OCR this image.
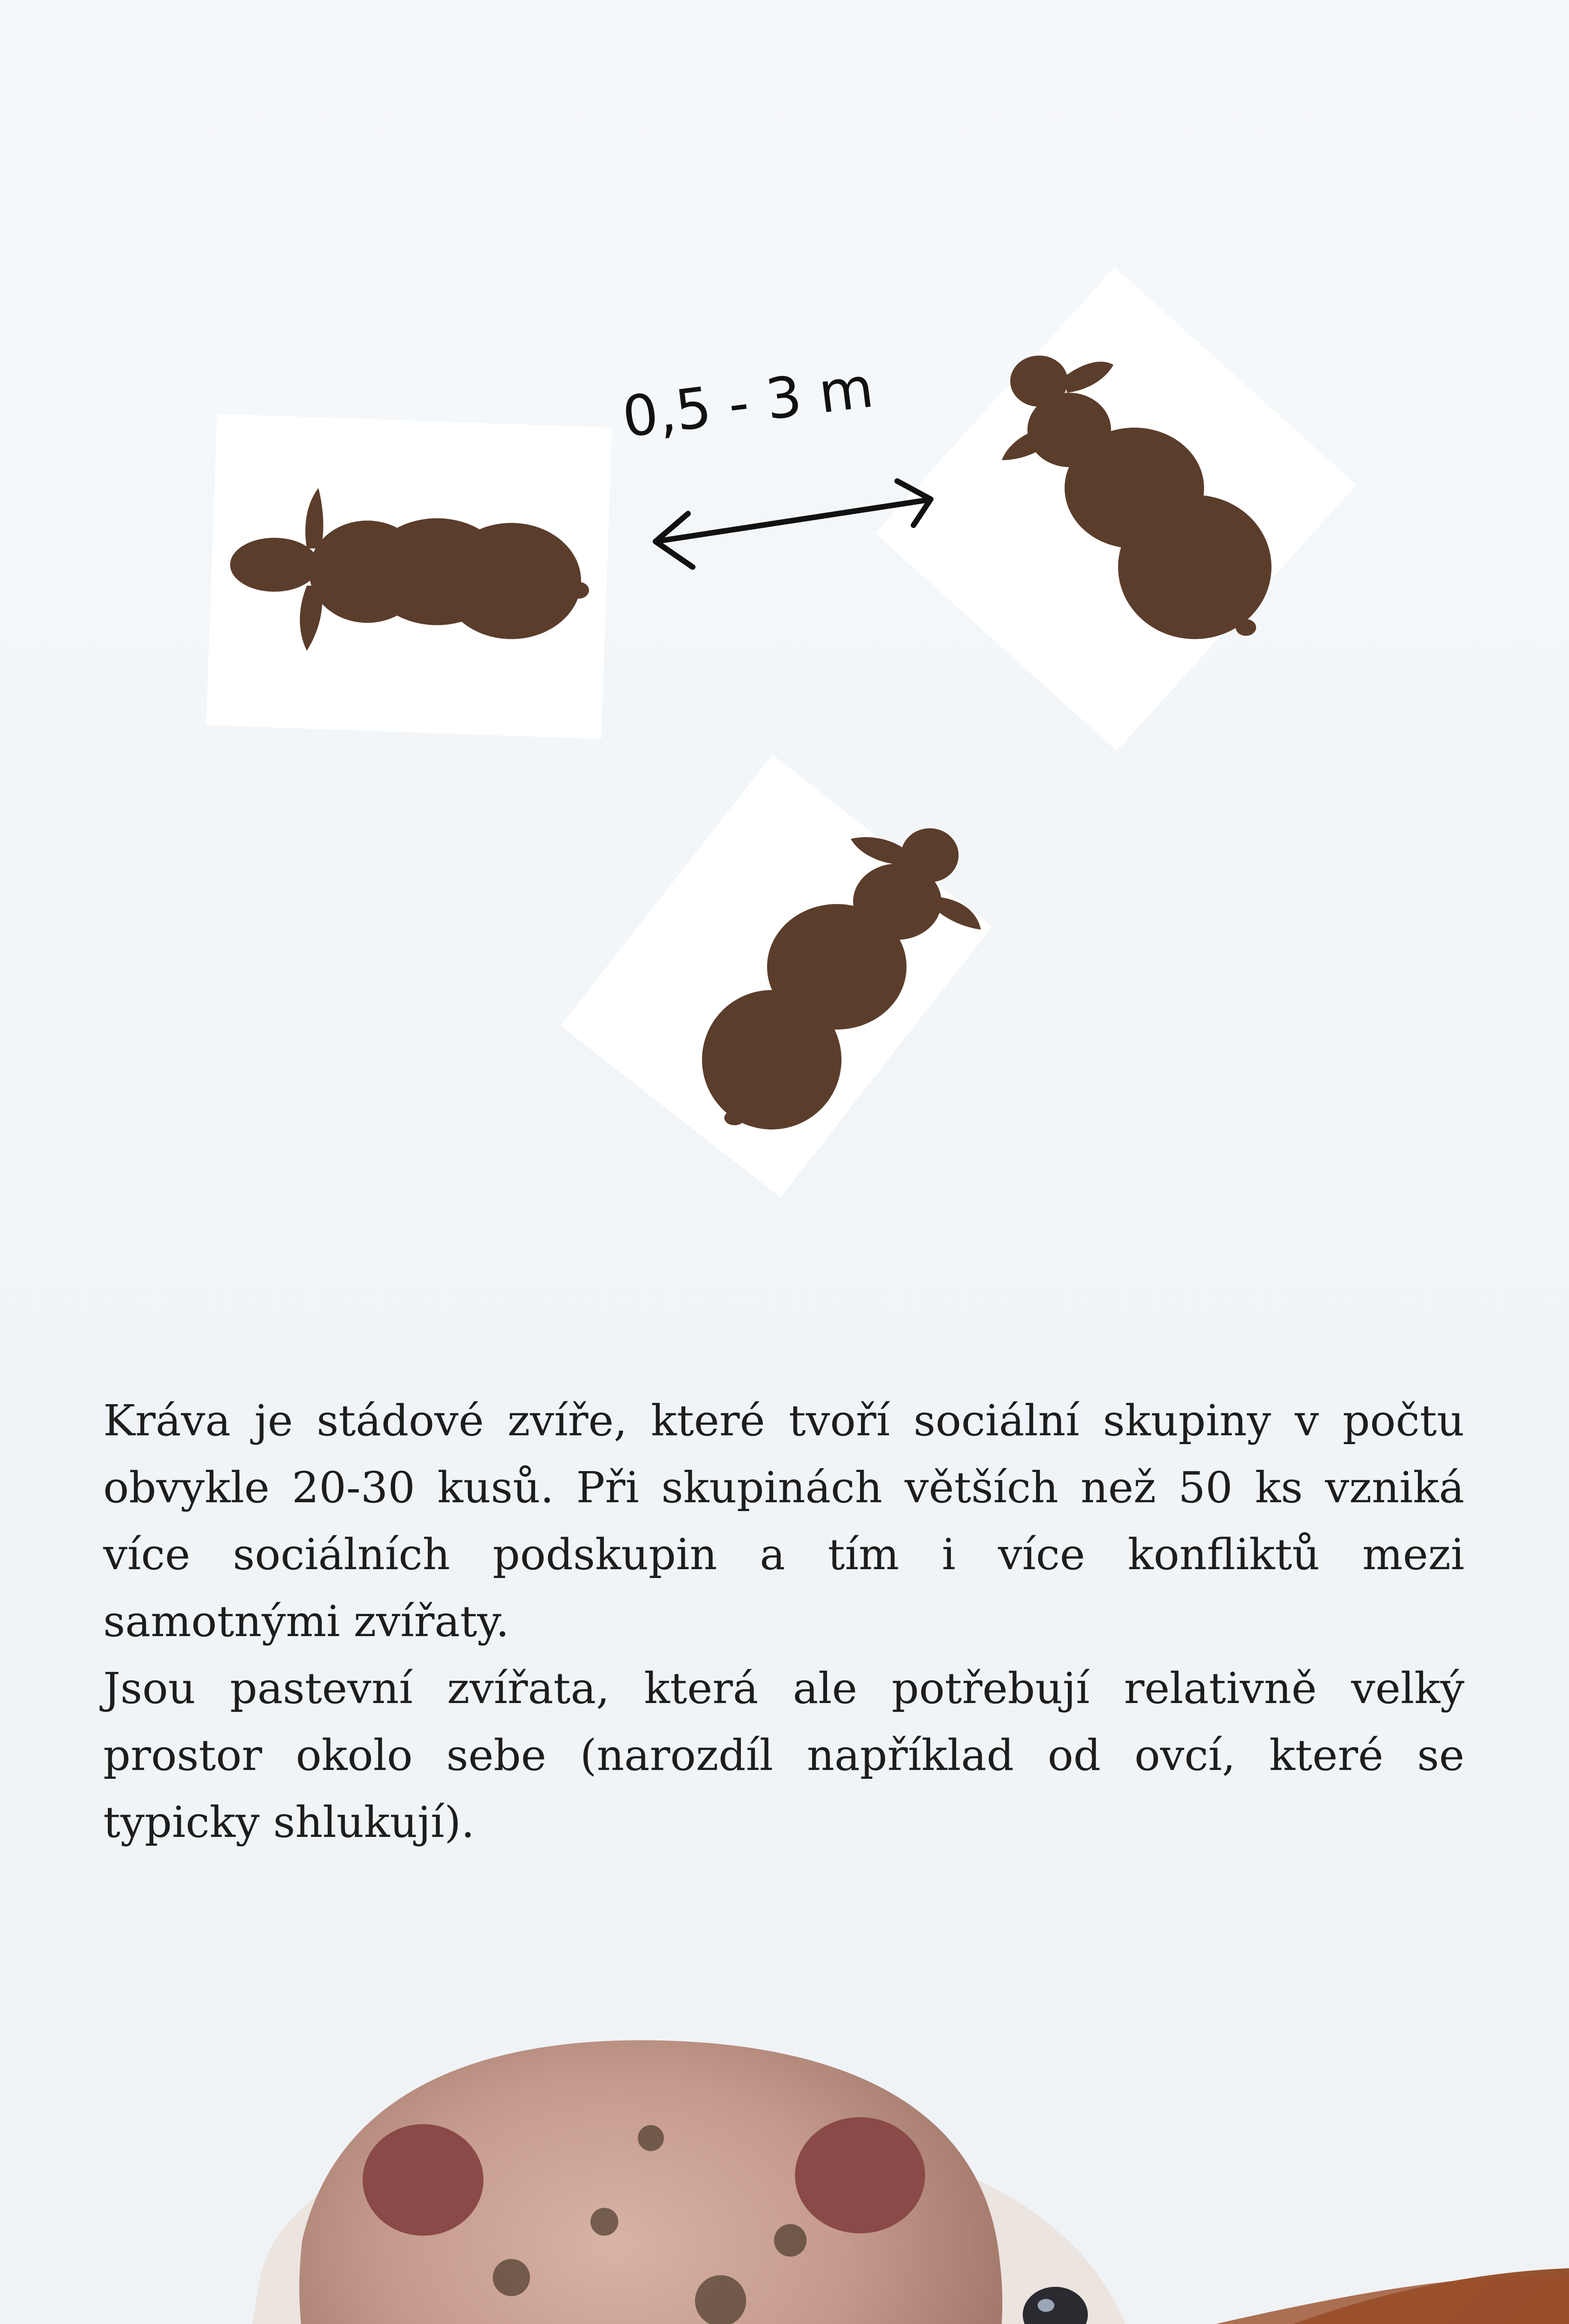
0,5 - 3 m

Kráva je stádové zvíře, které tvoří sociální skupiny v počtu obvykle 20-30 kusů. Při skupinách větších než 50 ks vzniká více sociálních podskupin a tím i více konfliktů mezi samotnými zvířaty.

Jsou pastevní zvířata, která ale potřebují relativně velký prostor okolo sebe (narozdíl například od ovcí, které se typicky shlukují).
